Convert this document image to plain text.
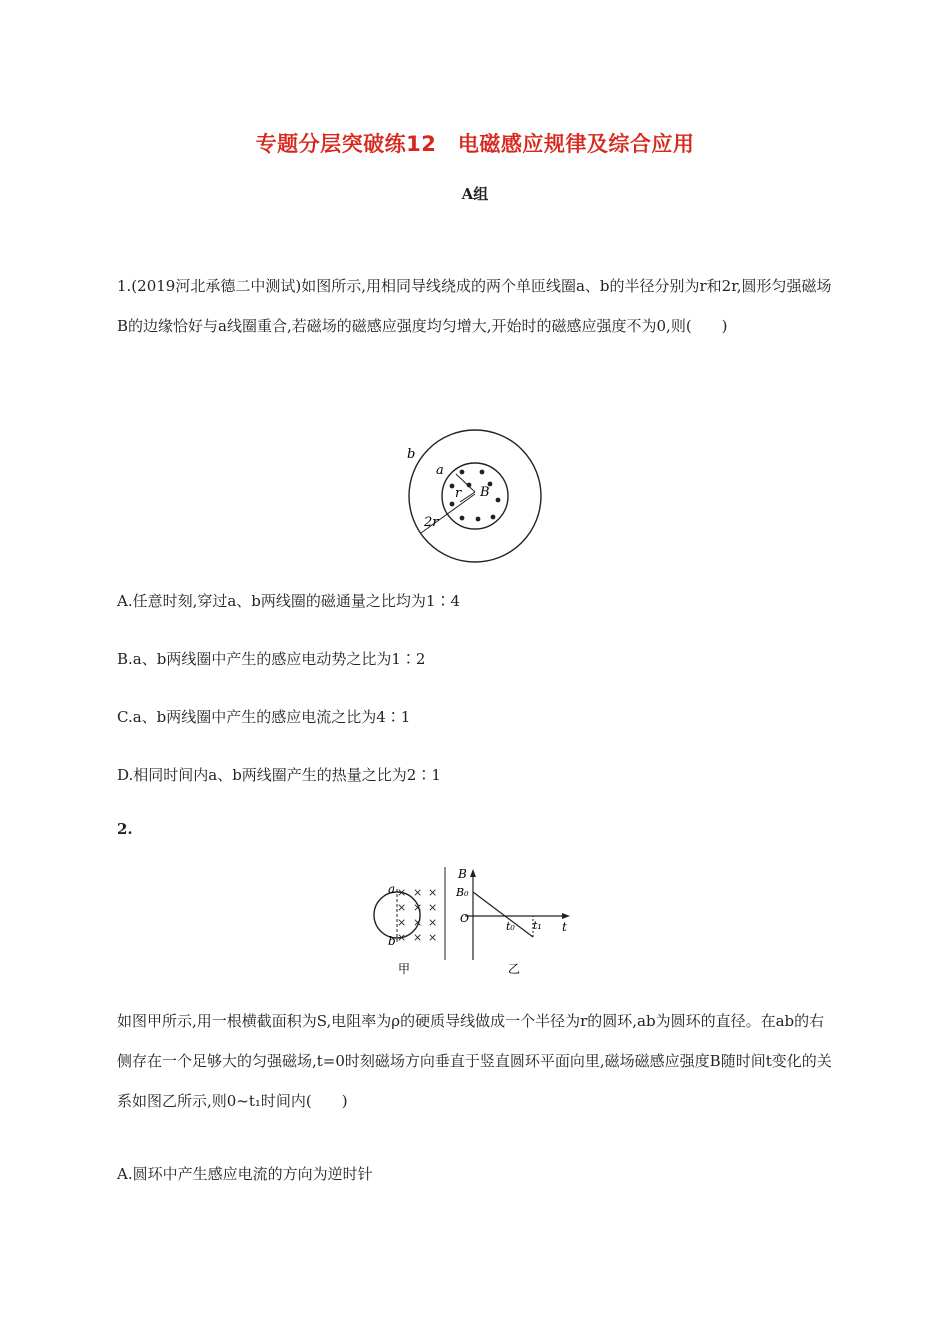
专题分层突破练12　电磁感应规律及综合应用
A组
1.(2019河北承德二中测试)如图所示,用相同导线绕成的两个单匝线圈a、b的半径分别为r和2r,圆形匀强磁场B的边缘恰好与a线圈重合,若磁场的磁感应强度均匀增大,开始时的磁感应强度不为0,则(　　)
b
a
r B
2r
A.任意时刻,穿过a、b两线圈的磁通量之比均为1∶4
B.a、b两线圈中产生的感应电动势之比为1∶2
C.a、b两线圈中产生的感应电流之比为4∶1
D.相同时间内a、b两线圈产生的热量之比为2∶1
2.
× × ×
× × ×
× × ×
× × ×
a
b
甲
B
B₀
O
t₀ t₁ t
乙
如图甲所示,用一根横截面积为S,电阻率为ρ的硬质导线做成一个半径为r的圆环,ab为圆环的直径。在ab的右侧存在一个足够大的匀强磁场,t=0时刻磁场方向垂直于竖直圆环平面向里,磁场磁感应强度B随时间t变化的关系如图乙所示,则0~t₁时间内(　　)
A.圆环中产生感应电流的方向为逆时针
